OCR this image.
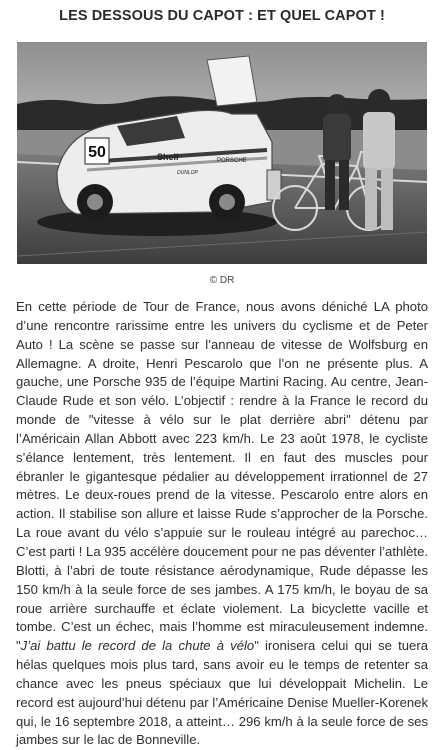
LES DESSOUS DU CAPOT : ET QUEL CAPOT !
50	Shell
DUNLOP
PORSCHE
© DR

En cette période de Tour de France, nous avons déniché LA photo d’une rencontre rarissime entre les univers du cyclisme et de Peter Auto ! La scène se passe sur l’anneau de vitesse de Wolfsburg en Allemagne. A droite, Henri Pescarolo que l’on ne présente plus. A gauche, une Porsche 935 de l’équipe Martini Racing. Au centre, Jean-Claude Rude et son vélo. L’objectif : rendre à la France le record du monde de "vitesse à vélo sur le plat derrière abri" détenu par l’Américain Allan Abbott avec 223 km/h. Le 23 août 1978, le cycliste s’élance lentement, très lentement. Il en faut des muscles pour ébranler le gigantesque pédalier au développement irrationnel de 27 mètres. Le deux-roues prend de la vitesse. Pescarolo entre alors en action. Il stabilise son allure et laisse Rude s’approcher de la Porsche. La roue avant du vélo s’appuie sur le rouleau intégré au parechoc… C’est parti ! La 935 accélère doucement pour ne pas déventer l’athlète. Blotti, à l’abri de toute résistance aérodynamique, Rude dépasse les 150 km/h à la seule force de ses jambes. A 175 km/h, le boyau de sa roue arrière surchauffe et éclate violement. La bicyclette vacille et tombe. C’est un échec, mais l’homme est miraculeusement indemne. "J’ai battu le record de la chute à vélo" ironisera celui qui se tuera hélas quelques mois plus tard, sans avoir eu le temps de retenter sa chance avec les pneus spéciaux que lui développait Michelin. Le record est aujourd’hui détenu par l’Américaine Denise Mueller-Korenek qui, le 16 septembre 2018, a atteint… 296 km/h à la seule force de ses jambes sur le lac de Bonneville.
